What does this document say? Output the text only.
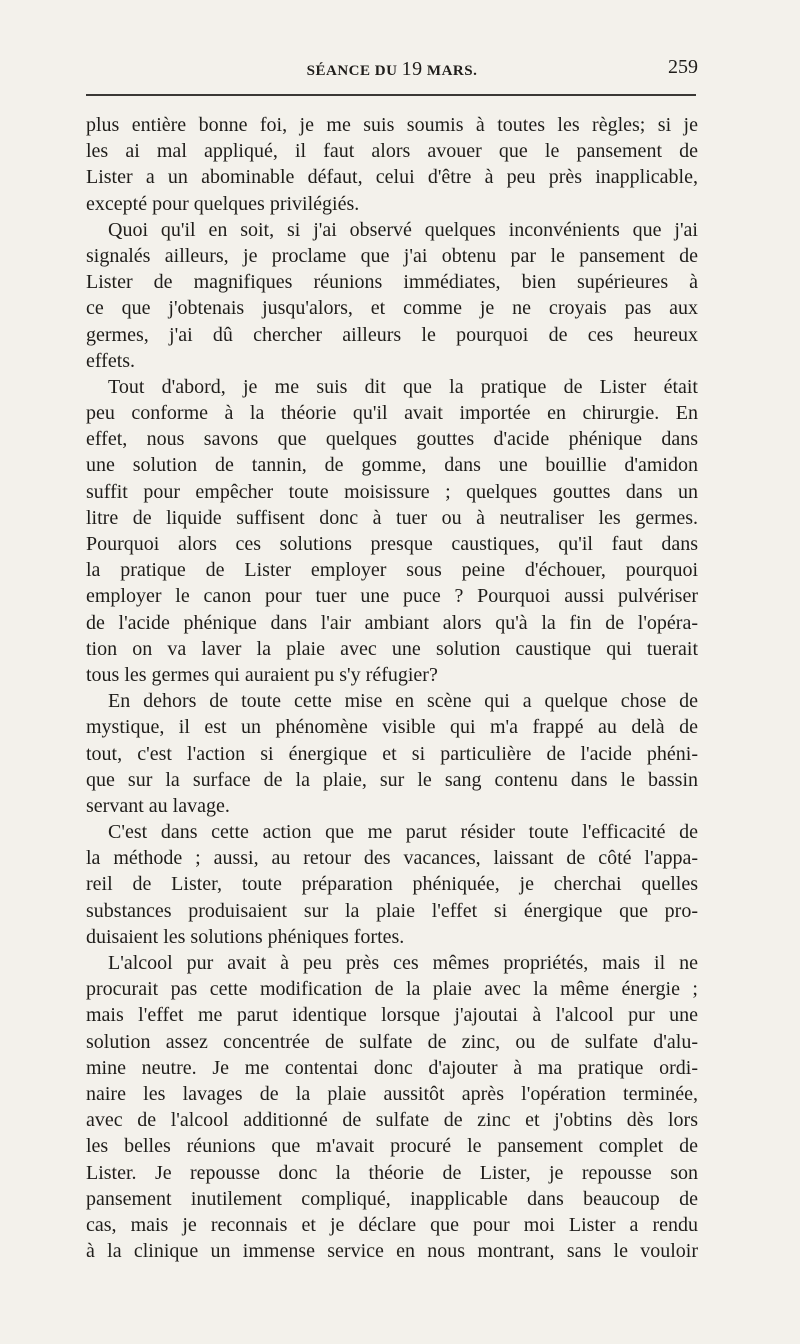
SÉANCE DU 19 MARS.	259
plus entière bonne foi, je me suis soumis à toutes les règles; si je
les ai mal appliqué, il faut alors avouer que le pansement de
Lister a un abominable défaut, celui d'être à peu près inapplicable,
excepté pour quelques privilégiés.
Quoi qu'il en soit, si j'ai observé quelques inconvénients que j'ai
signalés ailleurs, je proclame que j'ai obtenu par le pansement de
Lister de magnifiques réunions immédiates, bien supérieures à
ce que j'obtenais jusqu'alors, et comme je ne croyais pas aux
germes, j'ai dû chercher ailleurs le pourquoi de ces heureux
effets.
Tout d'abord, je me suis dit que la pratique de Lister était
peu conforme à la théorie qu'il avait importée en chirurgie. En
effet, nous savons que quelques gouttes d'acide phénique dans
une solution de tannin, de gomme, dans une bouillie d'amidon
suffit pour empêcher toute moisissure ; quelques gouttes dans un
litre de liquide suffisent donc à tuer ou à neutraliser les germes.
Pourquoi alors ces solutions presque caustiques, qu'il faut dans
la pratique de Lister employer sous peine d'échouer, pourquoi
employer le canon pour tuer une puce ? Pourquoi aussi pulvériser
de l'acide phénique dans l'air ambiant alors qu'à la fin de l'opéra-
tion on va laver la plaie avec une solution caustique qui tuerait
tous les germes qui auraient pu s'y réfugier?
En dehors de toute cette mise en scène qui a quelque chose de
mystique, il est un phénomène visible qui m'a frappé au delà de
tout, c'est l'action si énergique et si particulière de l'acide phéni-
que sur la surface de la plaie, sur le sang contenu dans le bassin
servant au lavage.
C'est dans cette action que me parut résider toute l'efficacité de
la méthode ; aussi, au retour des vacances, laissant de côté l'appa-
reil de Lister, toute préparation phéniquée, je cherchai quelles
substances produisaient sur la plaie l'effet si énergique que pro-
duisaient les solutions phéniques fortes.
L'alcool pur avait à peu près ces mêmes propriétés, mais il ne
procurait pas cette modification de la plaie avec la même énergie ;
mais l'effet me parut identique lorsque j'ajoutai à l'alcool pur une
solution assez concentrée de sulfate de zinc, ou de sulfate d'alu-
mine neutre. Je me contentai donc d'ajouter à ma pratique ordi-
naire les lavages de la plaie aussitôt après l'opération terminée,
avec de l'alcool additionné de sulfate de zinc et j'obtins dès lors
les belles réunions que m'avait procuré le pansement complet de
Lister. Je repousse donc la théorie de Lister, je repousse son
pansement inutilement compliqué, inapplicable dans beaucoup de
cas, mais je reconnais et je déclare que pour moi Lister a rendu
à la clinique un immense service en nous montrant, sans le vouloir
